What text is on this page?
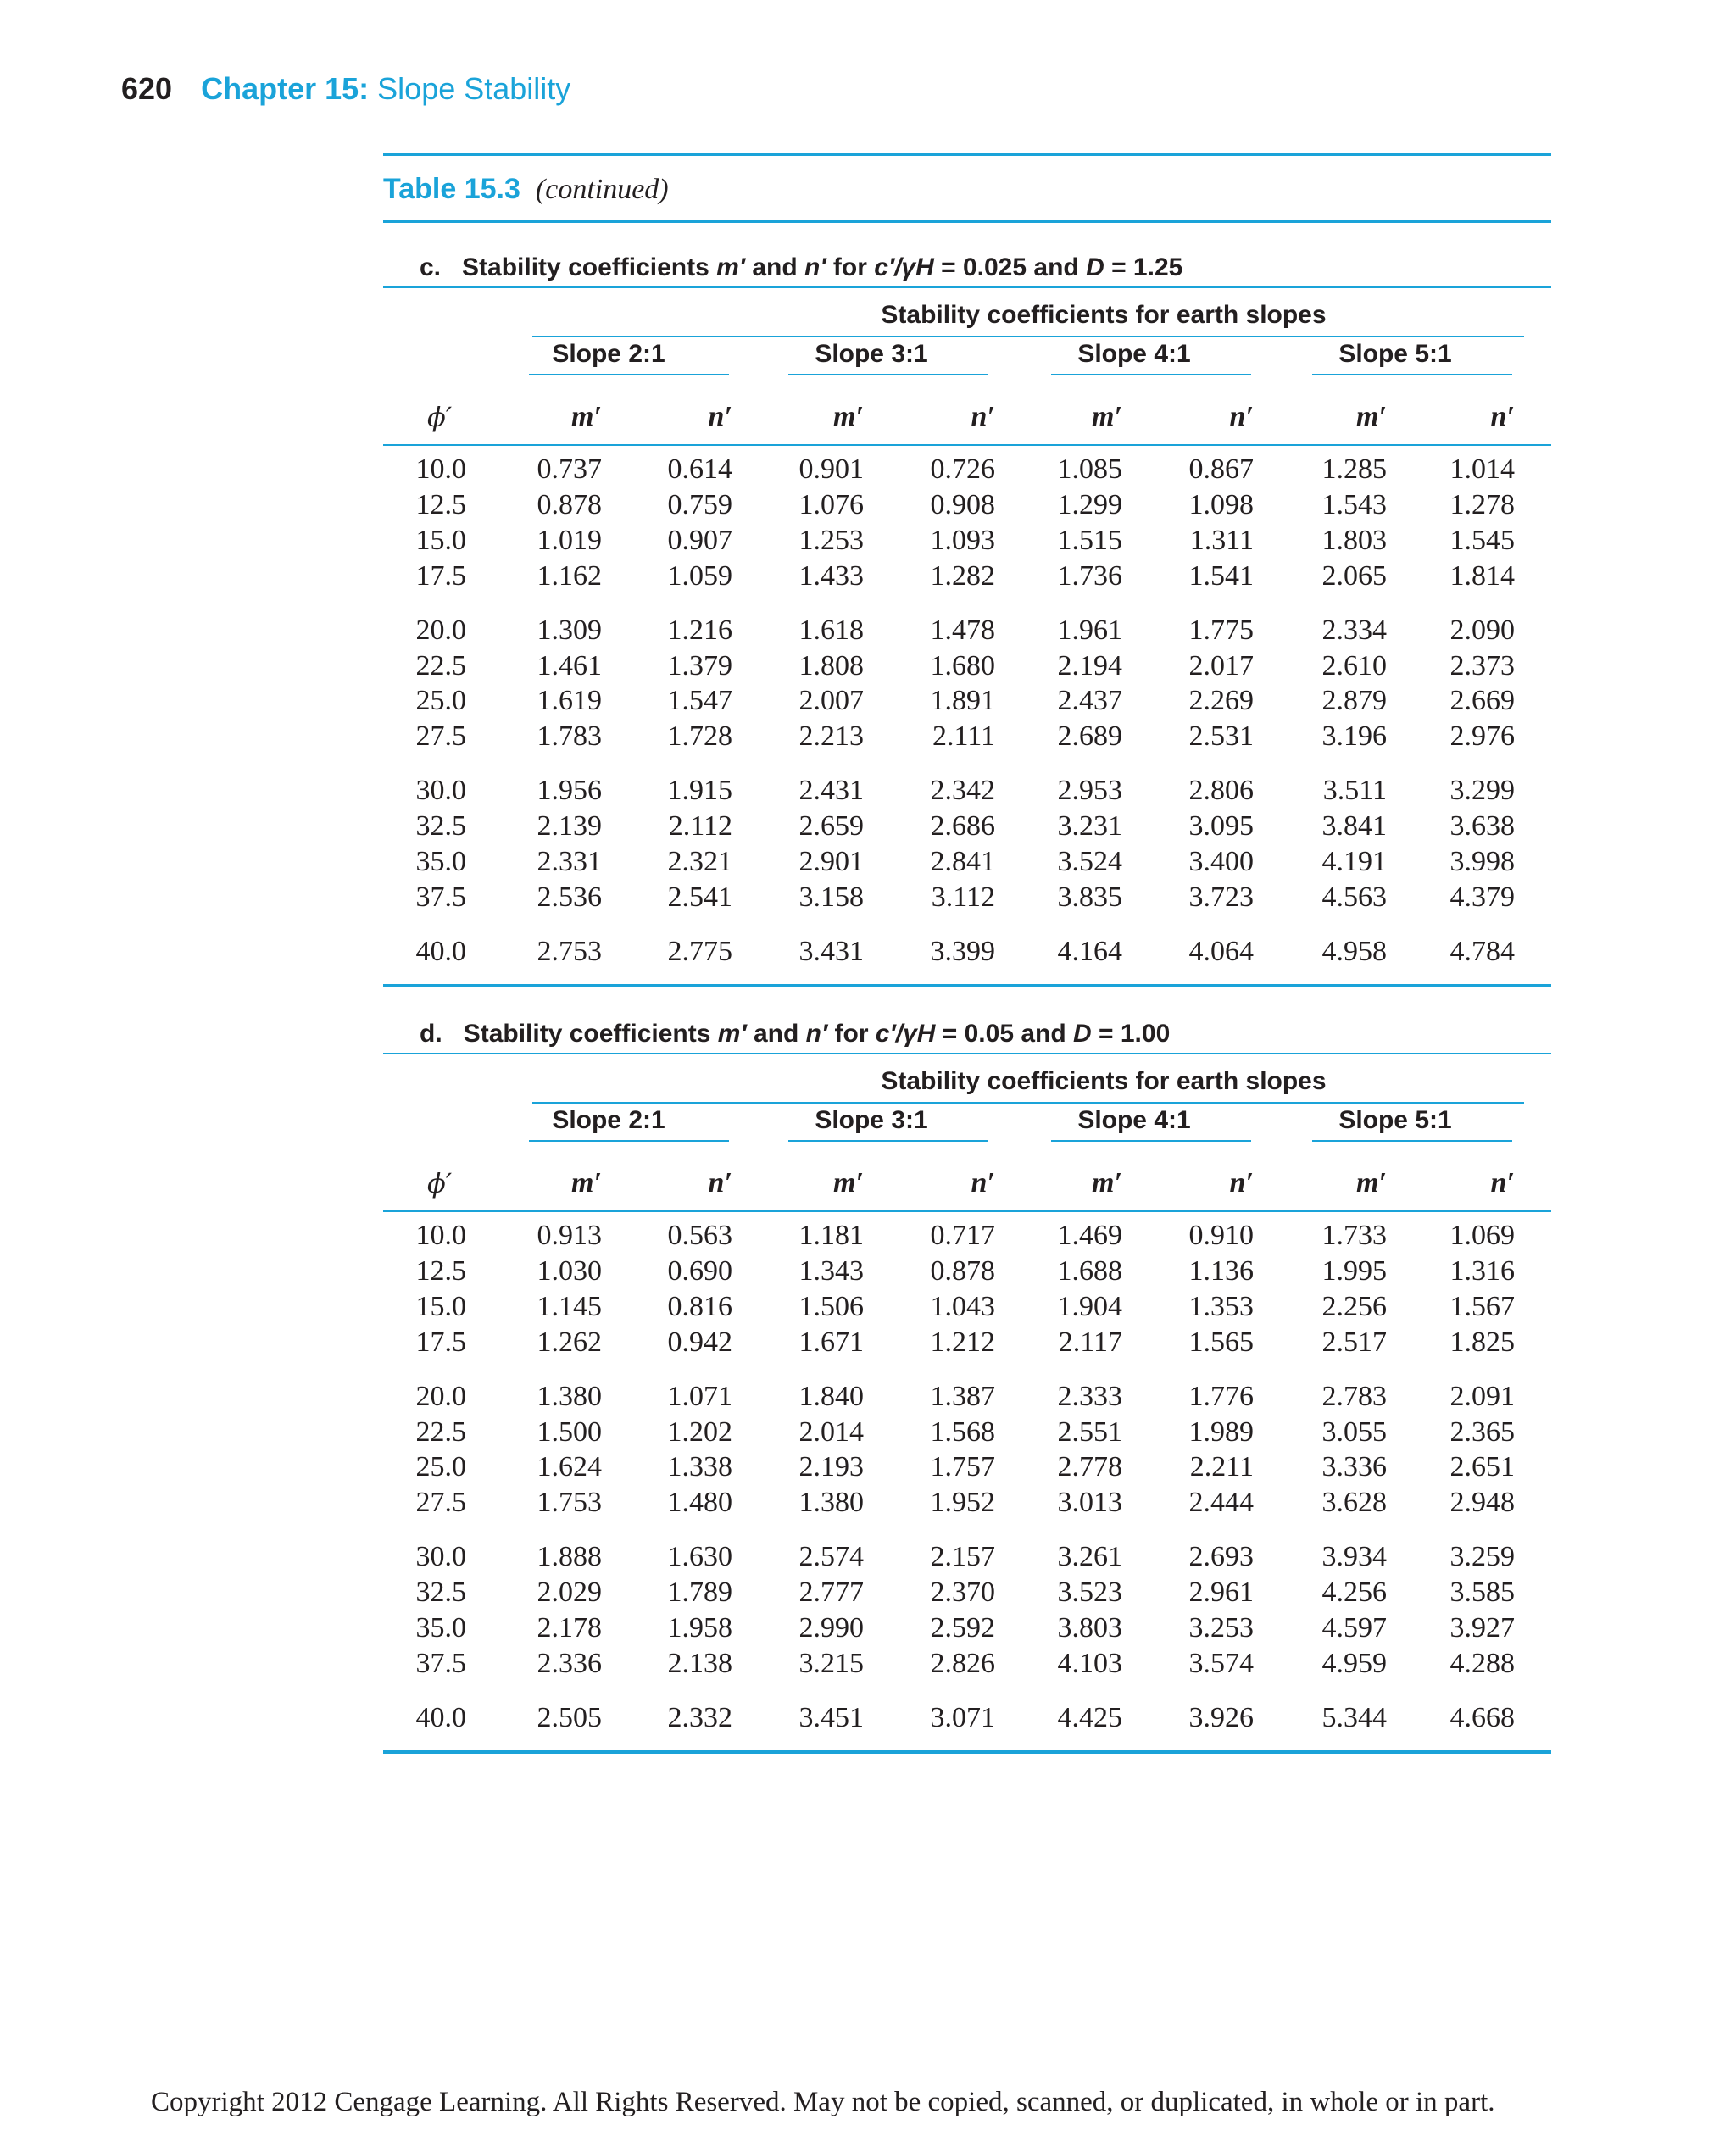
620 Chapter 15: Slope Stability
Table 15.3 (continued)
c. Stability coefficients m′ and n′ for c′/γH = 0.025 and D = 1.25
Stability coefficients for earth slopes
Slope 2:1	Slope 3:1	Slope 4:1	Slope 5:1
ϕ′	m′	n′	m′	n′	m′	n′	m′	n′
10.0	0.737	0.614	0.901	0.726	1.085	0.867	1.285	1.014
12.5	0.878	0.759	1.076	0.908	1.299	1.098	1.543	1.278
15.0	1.019	0.907	1.253	1.093	1.515	1.311	1.803	1.545
17.5	1.162	1.059	1.433	1.282	1.736	1.541	2.065	1.814
20.0	1.309	1.216	1.618	1.478	1.961	1.775	2.334	2.090
22.5	1.461	1.379	1.808	1.680	2.194	2.017	2.610	2.373
25.0	1.619	1.547	2.007	1.891	2.437	2.269	2.879	2.669
27.5	1.783	1.728	2.213	2.111	2.689	2.531	3.196	2.976
30.0	1.956	1.915	2.431	2.342	2.953	2.806	3.511	3.299
32.5	2.139	2.112	2.659	2.686	3.231	3.095	3.841	3.638
35.0	2.331	2.321	2.901	2.841	3.524	3.400	4.191	3.998
37.5	2.536	2.541	3.158	3.112	3.835	3.723	4.563	4.379
40.0	2.753	2.775	3.431	3.399	4.164	4.064	4.958	4.784
d. Stability coefficients m′ and n′ for c′/γH = 0.05 and D = 1.00
Stability coefficients for earth slopes
Slope 2:1	Slope 3:1	Slope 4:1	Slope 5:1
ϕ′	m′	n′	m′	n′	m′	n′	m′	n′
10.0	0.913	0.563	1.181	0.717	1.469	0.910	1.733	1.069
12.5	1.030	0.690	1.343	0.878	1.688	1.136	1.995	1.316
15.0	1.145	0.816	1.506	1.043	1.904	1.353	2.256	1.567
17.5	1.262	0.942	1.671	1.212	2.117	1.565	2.517	1.825
20.0	1.380	1.071	1.840	1.387	2.333	1.776	2.783	2.091
22.5	1.500	1.202	2.014	1.568	2.551	1.989	3.055	2.365
25.0	1.624	1.338	2.193	1.757	2.778	2.211	3.336	2.651
27.5	1.753	1.480	1.380	1.952	3.013	2.444	3.628	2.948
30.0	1.888	1.630	2.574	2.157	3.261	2.693	3.934	3.259
32.5	2.029	1.789	2.777	2.370	3.523	2.961	4.256	3.585
35.0	2.178	1.958	2.990	2.592	3.803	3.253	4.597	3.927
37.5	2.336	2.138	3.215	2.826	4.103	3.574	4.959	4.288
40.0	2.505	2.332	3.451	3.071	4.425	3.926	5.344	4.668
Copyright 2012 Cengage Learning. All Rights Reserved. May not be copied, scanned, or duplicated, in whole or in part.
